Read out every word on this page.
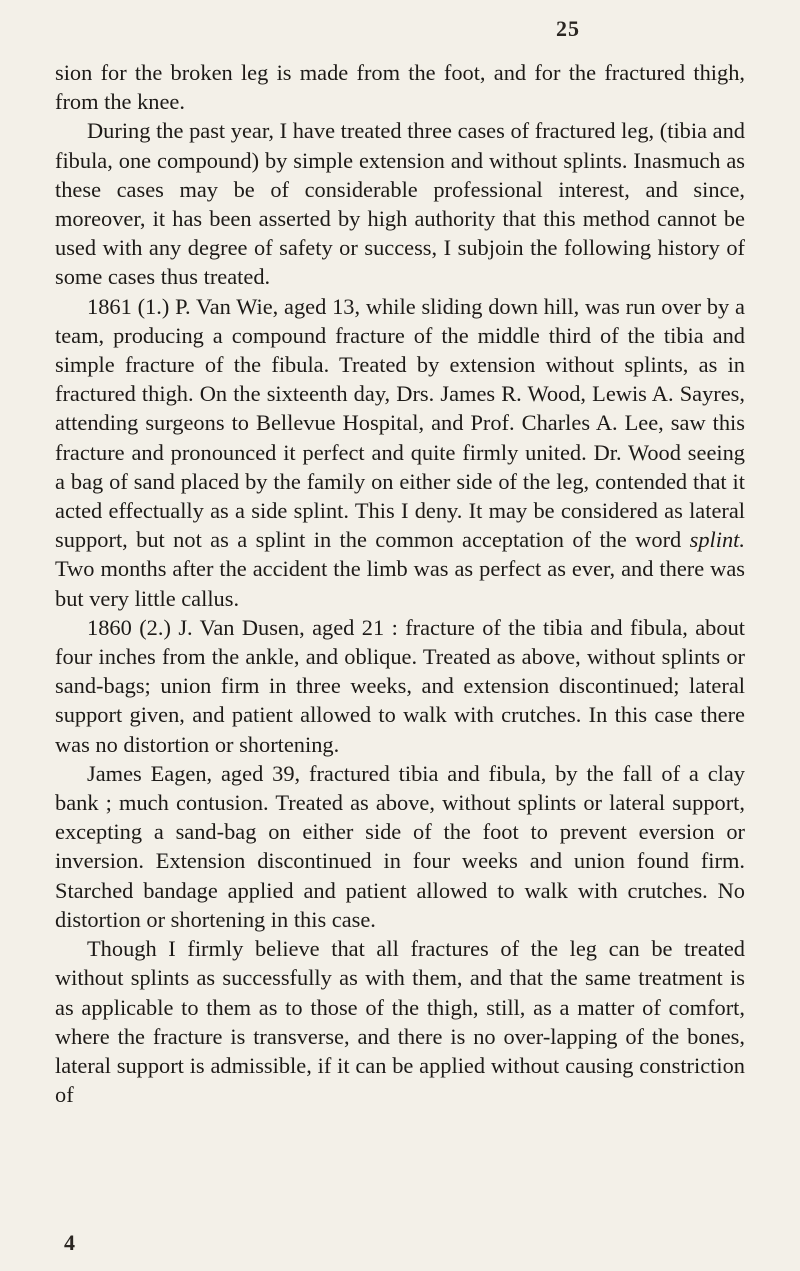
25

sion for the broken leg is made from the foot, and for the fractured thigh, from the knee.

During the past year, I have treated three cases of fractured leg, (tibia and fibula, one compound) by simple extension and without splints. Inasmuch as these cases may be of considerable professional interest, and since, moreover, it has been asserted by high authority that this method cannot be used with any degree of safety or success, I subjoin the following history of some cases thus treated.

1861 (1.) P. Van Wie, aged 13, while sliding down hill, was run over by a team, producing a compound fracture of the middle third of the tibia and simple fracture of the fibula. Treated by extension without splints, as in fractured thigh. On the sixteenth day, Drs. James R. Wood, Lewis A. Sayres, attending surgeons to Bellevue Hospital, and Prof. Charles A. Lee, saw this fracture and pronounced it perfect and quite firmly united. Dr. Wood seeing a bag of sand placed by the family on either side of the leg, contended that it acted effectually as a side splint. This I deny. It may be considered as lateral support, but not as a splint in the common acceptation of the word splint. Two months after the accident the limb was as perfect as ever, and there was but very little callus.

1860 (2.) J. Van Dusen, aged 21 : fracture of the tibia and fibula, about four inches from the ankle, and oblique. Treated as above, without splints or sand-bags; union firm in three weeks, and extension discontinued; lateral support given, and patient allowed to walk with crutches. In this case there was no distortion or shortening.

James Eagen, aged 39, fractured tibia and fibula, by the fall of a clay bank ; much contusion. Treated as above, without splints or lateral support, excepting a sand-bag on either side of the foot to prevent eversion or inversion. Extension discontinued in four weeks and union found firm. Starched bandage applied and patient allowed to walk with crutches. No distortion or shortening in this case.

Though I firmly believe that all fractures of the leg can be treated without splints as successfully as with them, and that the same treatment is as applicable to them as to those of the thigh, still, as a matter of comfort, where the fracture is transverse, and there is no over-lapping of the bones, lateral support is admissible, if it can be applied without causing constriction of

4
